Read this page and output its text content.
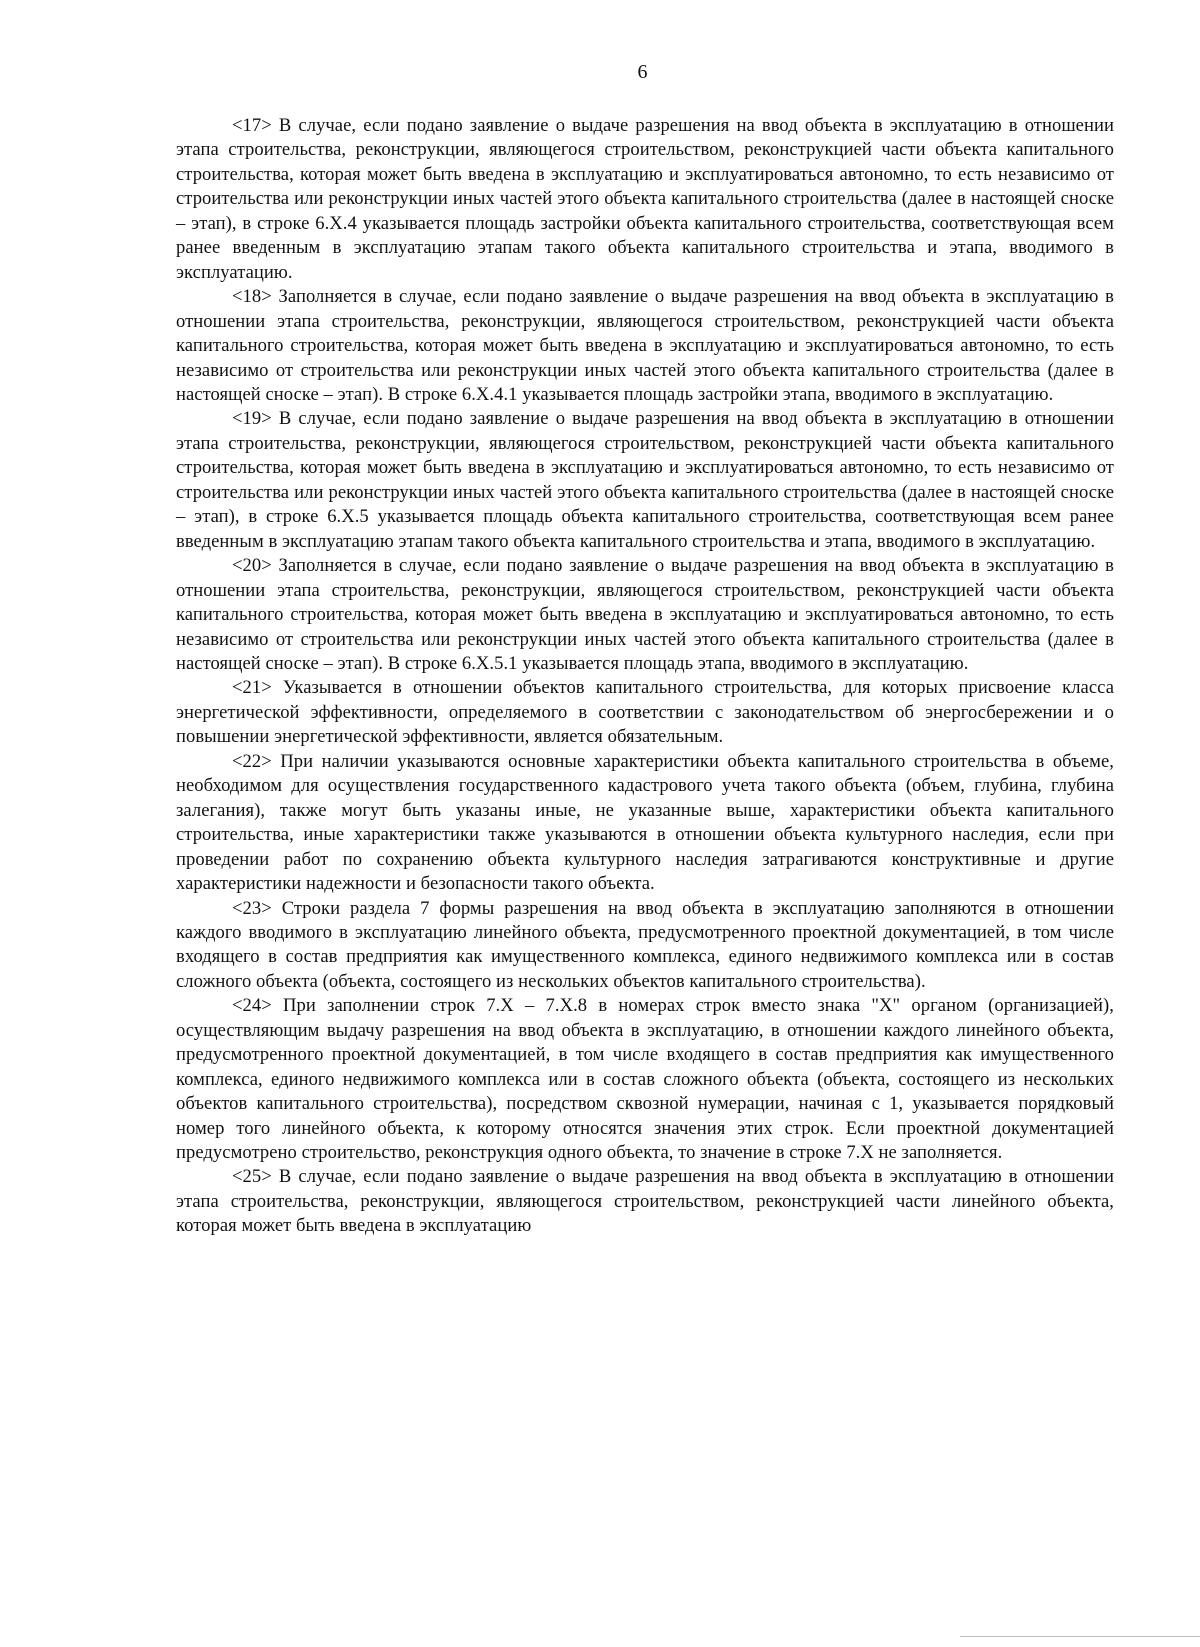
6

<17> В случае, если подано заявление о выдаче разрешения на ввод объекта в эксплуатацию в отношении этапа строительства, реконструкции, являющегося строительством, реконструкцией части объекта капитального строительства, которая может быть введена в эксплуатацию и эксплуатироваться автономно, то есть независимо от строительства или реконструкции иных частей этого объекта капитального строительства (далее в настоящей сноске – этап), в строке 6.X.4 указывается площадь застройки объекта капитального строительства, соответствующая всем ранее введенным в эксплуатацию этапам такого объекта капитального строительства и этапа, вводимого в эксплуатацию.

<18> Заполняется в случае, если подано заявление о выдаче разрешения на ввод объекта в эксплуатацию в отношении этапа строительства, реконструкции, являющегося строительством, реконструкцией части объекта капитального строительства, которая может быть введена в эксплуатацию и эксплуатироваться автономно, то есть независимо от строительства или реконструкции иных частей этого объекта капитального строительства (далее в настоящей сноске – этап). В строке 6.X.4.1 указывается площадь застройки этапа, вводимого в эксплуатацию.

<19> В случае, если подано заявление о выдаче разрешения на ввод объекта в эксплуатацию в отношении этапа строительства, реконструкции, являющегося строительством, реконструкцией части объекта капитального строительства, которая может быть введена в эксплуатацию и эксплуатироваться автономно, то есть независимо от строительства или реконструкции иных частей этого объекта капитального строительства (далее в настоящей сноске – этап), в строке 6.X.5 указывается площадь объекта капитального строительства, соответствующая всем ранее введенным в эксплуатацию этапам такого объекта капитального строительства и этапа, вводимого в эксплуатацию.

<20> Заполняется в случае, если подано заявление о выдаче разрешения на ввод объекта в эксплуатацию в отношении этапа строительства, реконструкции, являющегося строительством, реконструкцией части объекта капитального строительства, которая может быть введена в эксплуатацию и эксплуатироваться автономно, то есть независимо от строительства или реконструкции иных частей этого объекта капитального строительства (далее в настоящей сноске – этап). В строке 6.X.5.1 указывается площадь этапа, вводимого в эксплуатацию.

<21> Указывается в отношении объектов капитального строительства, для которых присвоение класса энергетической эффективности, определяемого в соответствии с законодательством об энергосбережении и о повышении энергетической эффективности, является обязательным.

<22> При наличии указываются основные характеристики объекта капитального строительства в объеме, необходимом для осуществления государственного кадастрового учета такого объекта (объем, глубина, глубина залегания), также могут быть указаны иные, не указанные выше, характеристики объекта капитального строительства, иные характеристики также указываются в отношении объекта культурного наследия, если при проведении работ по сохранению объекта культурного наследия затрагиваются конструктивные и другие характеристики надежности и безопасности такого объекта.

<23> Строки раздела 7 формы разрешения на ввод объекта в эксплуатацию заполняются в отношении каждого вводимого в эксплуатацию линейного объекта, предусмотренного проектной документацией, в том числе входящего в состав предприятия как имущественного комплекса, единого недвижимого комплекса или в состав сложного объекта (объекта, состоящего из нескольких объектов капитального строительства).

<24> При заполнении строк 7.X – 7.X.8 в номерах строк вместо знака "X" органом (организацией), осуществляющим выдачу разрешения на ввод объекта в эксплуатацию, в отношении каждого линейного объекта, предусмотренного проектной документацией, в том числе входящего в состав предприятия как имущественного комплекса, единого недвижимого комплекса или в состав сложного объекта (объекта, состоящего из нескольких объектов капитального строительства), посредством сквозной нумерации, начиная с 1, указывается порядковый номер того линейного объекта, к которому относятся значения этих строк. Если проектной документацией предусмотрено строительство, реконструкция одного объекта, то значение в строке 7.X не заполняется.

<25> В случае, если подано заявление о выдаче разрешения на ввод объекта в эксплуатацию в отношении этапа строительства, реконструкции, являющегося строительством, реконструкцией части линейного объекта, которая может быть введена в эксплуатацию
